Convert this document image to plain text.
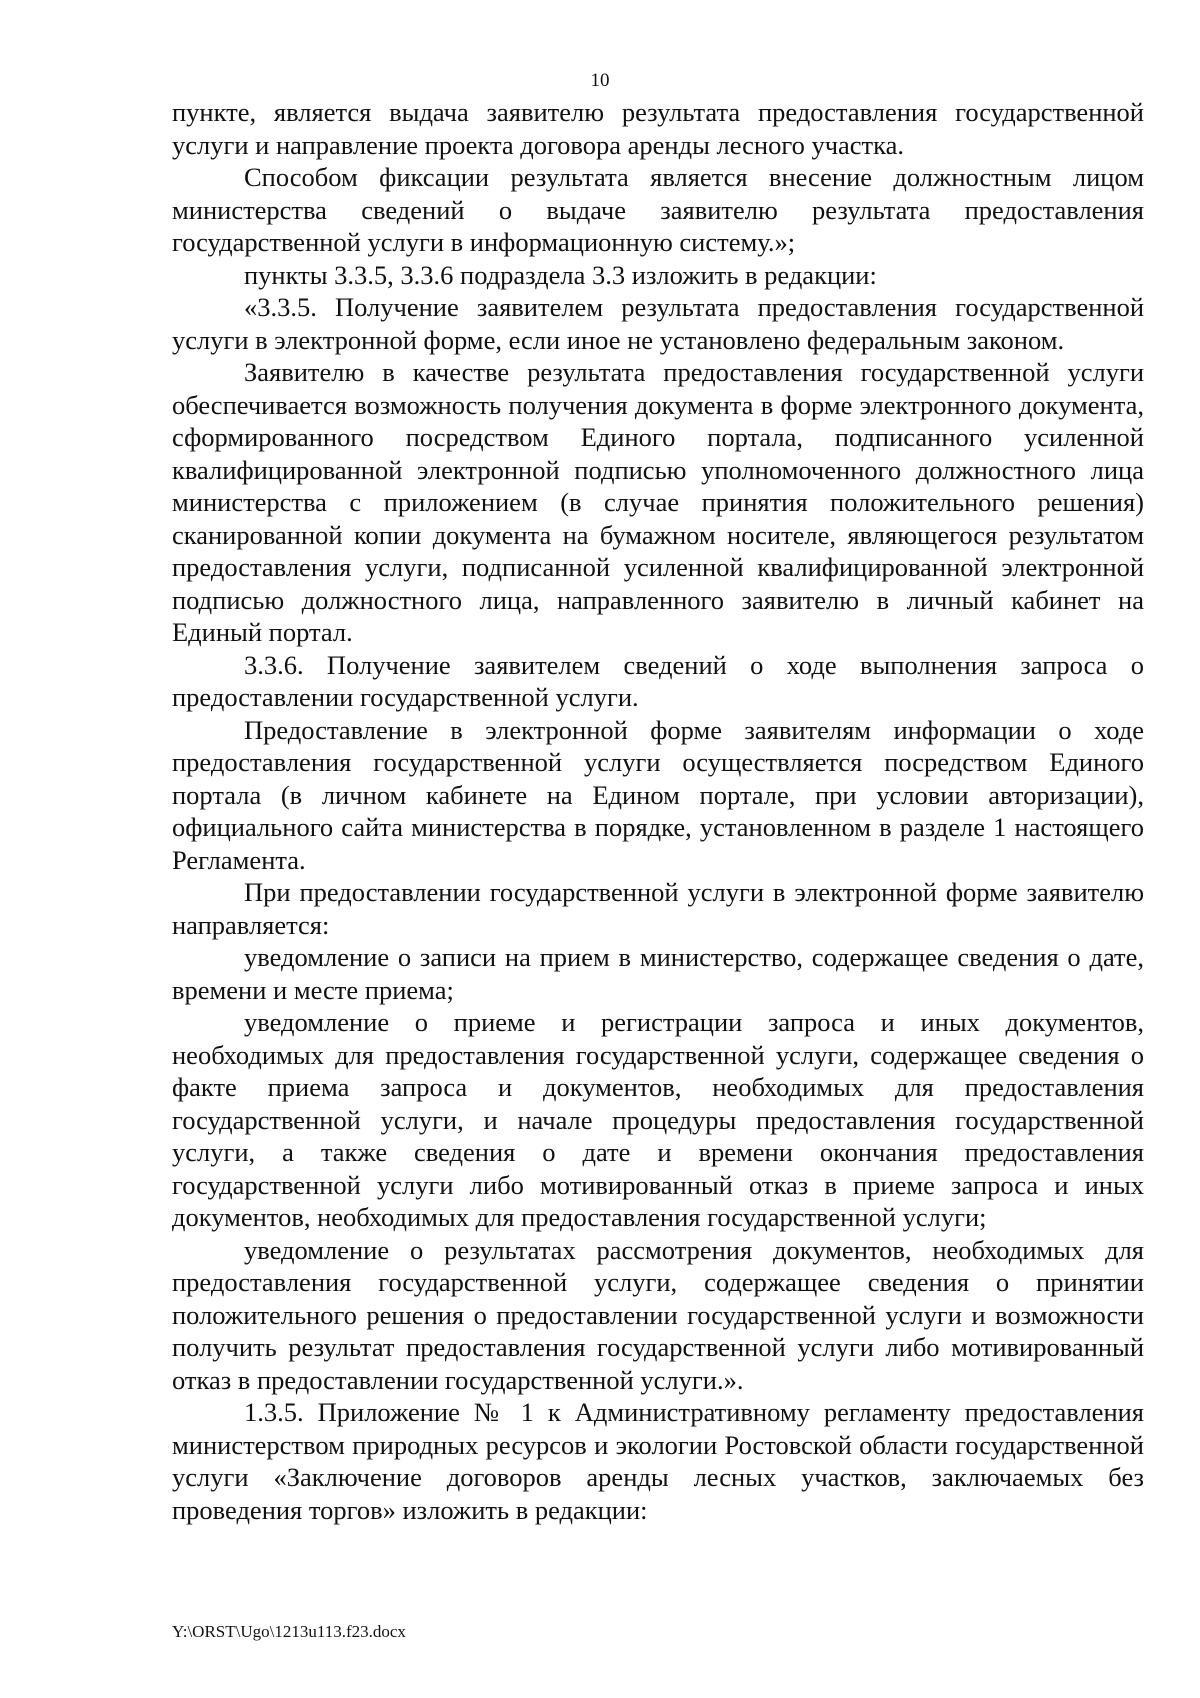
10

пункте, является выдача заявителю результата предоставления государственной услуги и направление проекта договора аренды лесного участка.

Способом фиксации результата является внесение должностным лицом министерства сведений о выдаче заявителю результата предоставления государственной услуги в информационную систему.»;

пункты 3.3.5, 3.3.6 подраздела 3.3 изложить в редакции:

«3.3.5. Получение заявителем результата предоставления государственной услуги в электронной форме, если иное не установлено федеральным законом.

Заявителю в качестве результата предоставления государственной услуги обеспечивается возможность получения документа в форме электронного документа, сформированного посредством Единого портала, подписанного усиленной квалифицированной электронной подписью уполномоченного должностного лица министерства с приложением (в случае принятия положительного решения) сканированной копии документа на бумажном носителе, являющегося результатом предоставления услуги, подписанной усиленной квалифицированной электронной подписью должностного лица, направленного заявителю в личный кабинет на Единый портал.

3.3.6. Получение заявителем сведений о ходе выполнения запроса о предоставлении государственной услуги.

Предоставление в электронной форме заявителям информации о ходе предоставления государственной услуги осуществляется посредством Единого портала (в личном кабинете на Едином портале, при условии авторизации), официального сайта министерства в порядке, установленном в разделе 1 настоящего Регламента.

При предоставлении государственной услуги в электронной форме заявителю направляется:

уведомление о записи на прием в министерство, содержащее сведения о дате, времени и месте приема;

уведомление о приеме и регистрации запроса и иных документов, необходимых для предоставления государственной услуги, содержащее сведения о факте приема запроса и документов, необходимых для предоставления государственной услуги, и начале процедуры предоставления государственной услуги, а также сведения о дате и времени окончания предоставления государственной услуги либо мотивированный отказ в приеме запроса и иных документов, необходимых для предоставления государственной услуги;

уведомление о результатах рассмотрения документов, необходимых для предоставления государственной услуги, содержащее сведения о принятии положительного решения о предоставлении государственной услуги и возможности получить результат предоставления государственной услуги либо мотивированный отказ в предоставлении государственной услуги.».

1.3.5. Приложение № 1 к Административному регламенту предоставления министерством природных ресурсов и экологии Ростовской области государственной услуги «Заключение договоров аренды лесных участков, заключаемых без проведения торгов» изложить в редакции:

Y:\ORST\Ugo\1213u113.f23.docx
